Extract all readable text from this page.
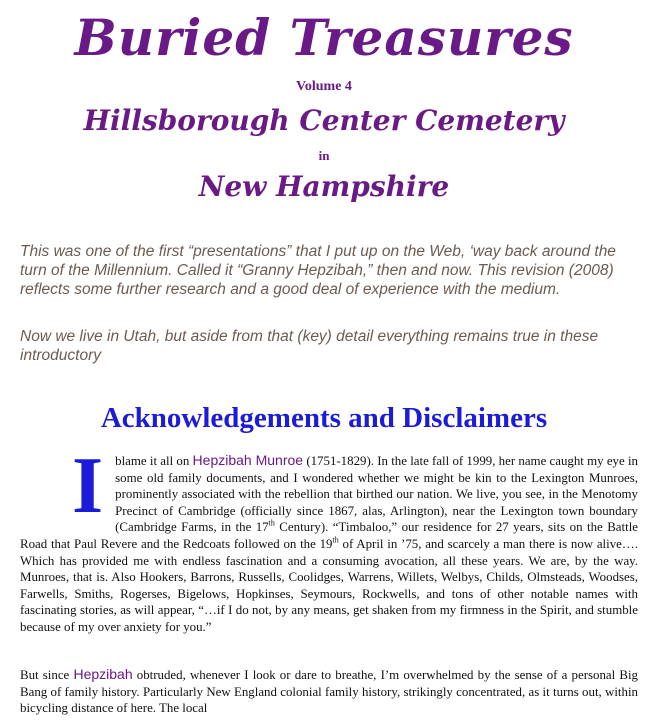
Buried Treasures
Volume 4
Hillsborough Center Cemetery
in
New Hampshire

This was one of the first “presentations” that I put up on the Web, ‘way back around the turn of the Millennium. Called it “Granny Hepzibah,” then and now. This revision (2008) reflects some further research and a good deal of experience with the medium.

Now we live in Utah, but aside from that (key) detail everything remains true in these introductory

Acknowledgements and Disclaimers

Iblame it all on Hepzibah Munroe (1751-1829). In the late fall of 1999, her name caught my eye in some old family documents, and I wondered whether we might be kin to the Lexington Munroes, prominently associated with the rebellion that birthed our nation. We live, you see, in the Menotomy Precinct of Cambridge (officially since 1867, alas, Arlington), near the Lexington town boundary (Cambridge Farms, in the 17th Century). “Timbaloo,” our residence for 27 years, sits on the Battle Road that Paul Revere and the Redcoats followed on the 19th of April in ’75, and scarcely a man there is now alive…. Which has provided me with endless fascination and a consuming avocation, all these years. We are, by the way. Munroes, that is. Also Hookers, Barrons, Russells, Coolidges, Warrens, Willets, Welbys, Childs, Olmsteads, Woodses, Farwells, Smiths, Rogerses, Bigelows, Hopkinses, Seymours, Rockwells, and tons of other notable names with fascinating stories, as will appear, “…if I do not, by any means, get shaken from my firmness in the Spirit, and stumble because of my over anxiety for you.”

But since Hepzibah obtruded, whenever I look or dare to breathe, I’m overwhelmed by the sense of a personal Big Bang of family history. Particularly New England colonial family history, strikingly concentrated, as it turns out, within bicycling distance of here. The local
